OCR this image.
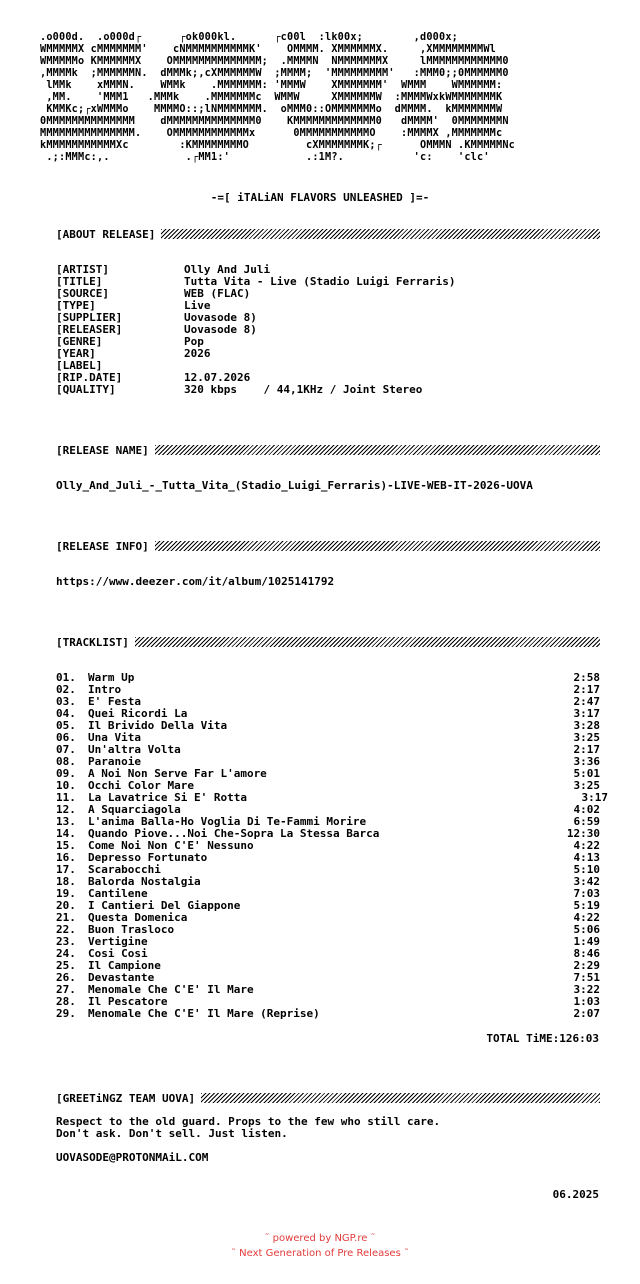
.o000d.  .o000d┌      ┌ok000kl.      ┌c00l  :lk00x;        ,d000x;
WMMMMMX cMMMMMMM'    cNMMMMMMMMMMK'    OMMMM. XMMMMMMX.     ,XMMMMMMMMWl
WMMMMMo KMMMMMMX    OMMMMMMMMMMMMMM;  .MMMMN  NMMMMMMMX     lMMMMMMMMMMMM0
,MMMMk  ;MMMMMMN.  dMMMk;,cXMMMMMMW  ;MMMM;  'MMMMMMMMM'   :MMM0;;0MMMMMM0
lMMk    xMMMN.    WMMk    .MMMMMMM: 'MMMW    XMMMMMMM'  WMMM    WMMMMMM:
,MM.    'MMM1   .MMMk    .MMMMMMMc  WMMW     XMMMMMMW  :MMMMWxkWMMMMMMMK
KMMKc;┌xWMMMo    MMMMO::;lNMMMMMMM.  oMMM0::OMMMMMMMo  dMMMM.  kMMMMMMMW
0MMMMMMMMMMMMMM    dMMMMMMMMMMMMMM0    KMMMMMMMMMMMMM0   dMMMM'  0MMMMMMMN
MMMMMMMMMMMMMMM.    OMMMMMMMMMMMMx      0MMMMMMMMMMMO    :MMMMX ,MMMMMMMc
kMMMMMMMMMMMXc        :KMMMMMMMMO         cXMMMMMMMK;┌      OMMMN .KMMMMMNc
.;:MMMc:,.            .┌MM1:'            .:1M?.           'c:    'clc'
-=[ iTALiAN FLAVORS UNLEASHED ]=-
[ABOUT RELEASE]
[ARTIST]	Olly And Juli
[TITLE]	Tutta Vita - Live (Stadio Luigi Ferraris)
[SOURCE]	WEB (FLAC)
[TYPE]	Live
[SUPPLIER]	Uovasode 8)
[RELEASER]	Uovasode 8)
[GENRE]	Pop
[YEAR]	2026
[LABEL]
[RIP.DATE]	12.07.2026
[QUALITY]	320 kbps    / 44,1KHz / Joint Stereo
[RELEASE NAME]
Olly_And_Juli_-_Tutta_Vita_(Stadio_Luigi_Ferraris)-LIVE-WEB-IT-2026-UOVA
[RELEASE INFO]
https://www.deezer.com/it/album/1025141792
[TRACKLIST]
01.	Warm Up	2:58
02.	Intro	2:17
03.	E' Festa	2:47
04.	Quei Ricordi La	3:17
05.	Il Brivido Della Vita	3:28
06.	Una Vita	3:25
07.	Un'altra Volta	2:17
08.	Paranoie	3:36
09.	A Noi Non Serve Far L'amore	5:01
10.	Occhi Color Mare	3:25
11.	La Lavatrice Si E' Rotta	3:17
12.	A Squarciagola	4:02
13.	L'anima Balla-Ho Voglia Di Te-Fammi Morire	6:59
14.	Quando Piove...Noi Che-Sopra La Stessa Barca	12:30
15.	Come Noi Non C'E' Nessuno	4:22
16.	Depresso Fortunato	4:13
17.	Scarabocchi	5:10
18.	Balorda Nostalgia	3:42
19.	Cantilene	7:03
20.	I Cantieri Del Giappone	5:19
21.	Questa Domenica	4:22
22.	Buon Trasloco	5:06
23.	Vertigine	1:49
24.	Cosi Cosi	8:46
25.	Il Campione	2:29
26.	Devastante	7:51
27.	Menomale Che C'E' Il Mare	3:22
28.	Il Pescatore	1:03
29.	Menomale Che C'E' Il Mare (Reprise)	2:07
TOTAL TiME:126:03
[GREETiNGZ TEAM UOVA]
Respect to the old guard. Props to the few who still care.
Don't ask. Don't sell. Just listen.
UOVASODE@PROTONMAiL.COM
06.2025
˜ powered by NGP.re ˜
˜ Next Generation of Pre Releases ˜
